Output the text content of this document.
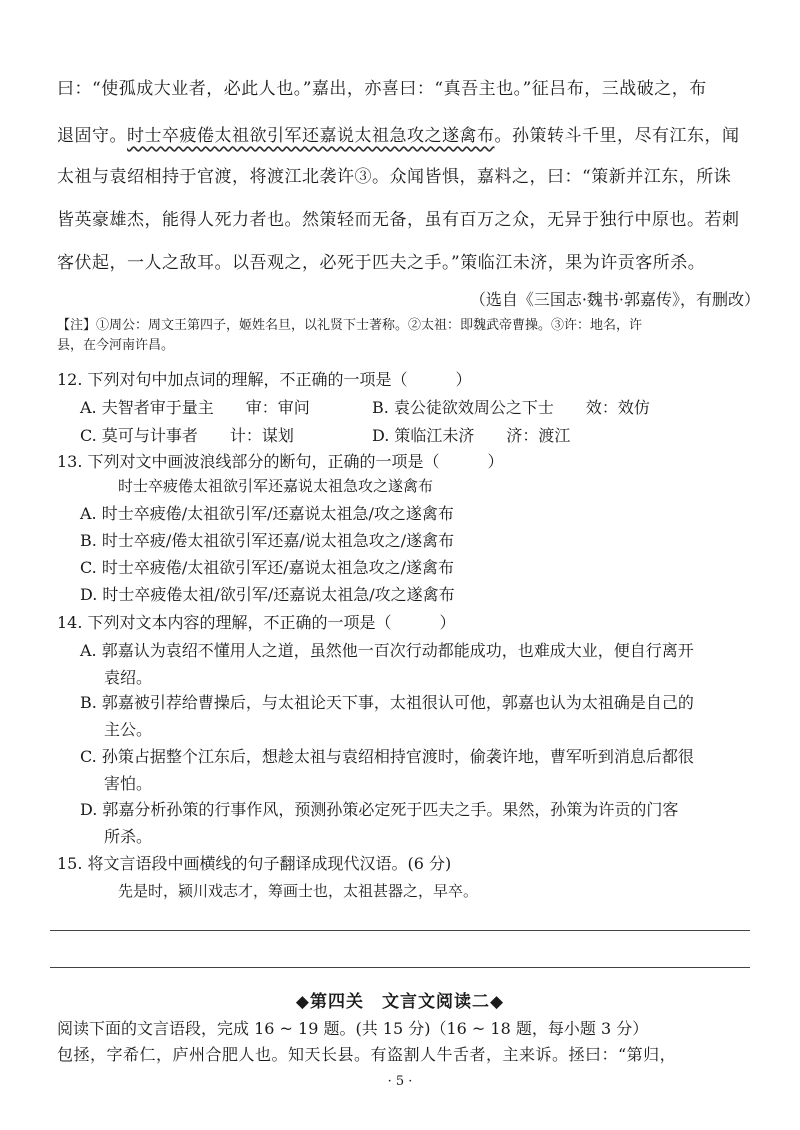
曰：“使孤成大业者，必此人也。”嘉出，亦喜曰：“真吾主也。”征吕布，三战破之，布
退固守。时士卒疲倦太祖欲引军还嘉说太祖急攻之遂禽布。孙策转斗千里，尽有江东，闻
太祖与袁绍相持于官渡，将渡江北袭许③。众闻皆惧，嘉料之，曰：“策新并江东，所诛
皆英豪雄杰，能得人死力者也。然策轻而无备，虽有百万之众，无异于独行中原也。若刺
客伏起，一人之敌耳。以吾观之，必死于匹夫之手。”策临江未济，果为许贡客所杀。
（选自《三国志·魏书·郭嘉传》，有删改）
【注】①周公：周文王第四子，姬姓名旦，以礼贤下士著称。②太祖：即魏武帝曹操。③许：地名，许
县，在今河南许昌。
12. 下列对句中加点词的理解，不正确的一项是（　　　）
A. 夫智者审于量主　　审：审问	B. 袁公徒欲效周公之下士　　效：效仿
C. 莫可与计事者　　计：谋划	D. 策临江未济　　济：渡江
13. 下列对文中画波浪线部分的断句，正确的一项是（　　　）
时士卒疲倦太祖欲引军还嘉说太祖急攻之遂禽布
A. 时士卒疲倦/太祖欲引军/还嘉说太祖急/攻之遂禽布
B. 时士卒疲/倦太祖欲引军还嘉/说太祖急攻之/遂禽布
C. 时士卒疲倦/太祖欲引军还/嘉说太祖急攻之/遂禽布
D. 时士卒疲倦太祖/欲引军/还嘉说太祖急/攻之遂禽布
14. 下列对文本内容的理解，不正确的一项是（　　　）
A. 郭嘉认为袁绍不懂用人之道，虽然他一百次行动都能成功，也难成大业，便自行离开
袁绍。
B. 郭嘉被引荐给曹操后，与太祖论天下事，太祖很认可他，郭嘉也认为太祖确是自己的
主公。
C. 孙策占据整个江东后，想趁太祖与袁绍相持官渡时，偷袭许地，曹军听到消息后都很
害怕。
D. 郭嘉分析孙策的行事作风，预测孙策必定死于匹夫之手。果然，孙策为许贡的门客
所杀。
15. 将文言语段中画横线的句子翻译成现代汉语。(6 分)
先是时，颍川戏志才，筹画士也，太祖甚器之，早卒。
◆第四关　文言文阅读二◆
阅读下面的文言语段，完成 16 ~ 19 题。(共 15 分)（16 ~ 18 题，每小题 3 分）
包拯，字希仁，庐州合肥人也。知天长县。有盗割人牛舌者，主来诉。拯曰：“第归，
· 5 ·
